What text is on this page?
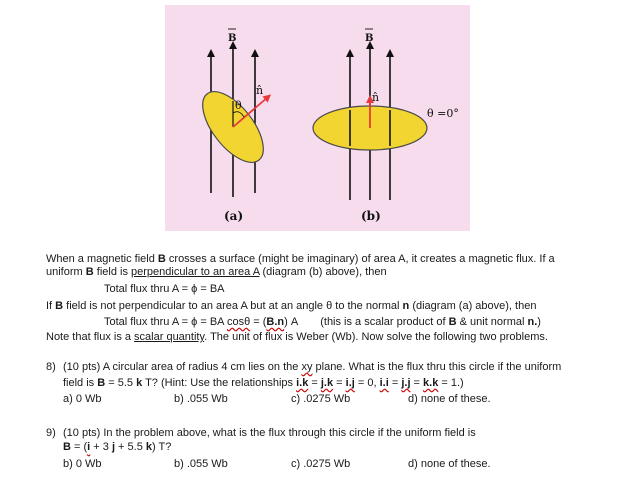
θ
n̂
B
(a)
n̂
θ =0°
B
(b)
When a magnetic field B crosses a surface (might be imaginary) of area A, it creates a magnetic flux. If a
uniform B field is perpendicular to an area A (diagram (b) above), then
Total flux thru A = ϕ = BA
If B field is not perpendicular to an area A but at an angle θ to the normal n (diagram (a) above), then
Total flux thru A = ϕ = BA cosθ = (B.n) A (this is a scalar product of B & unit normal n.)
Note that flux is a scalar quantity. The unit of flux is Weber (Wb). Now solve the following two problems.
8) (10 pts) A circular area of radius 4 cm lies on the xy plane. What is the flux thru this circle if the uniform
field is B = 5.5 k T? (Hint: Use the relationships i.k = j.k = i.j = 0, i.i = j.j = k.k = 1.)
a) 0 Wb	b) .055 Wb	c) .0275 Wb	d) none of these.
9) (10 pts) In the problem above, what is the flux through this circle if the uniform field is
B = (i + 3 j + 5.5 k) T?
b) 0 Wb	b) .055 Wb	c) .0275 Wb	d) none of these.
